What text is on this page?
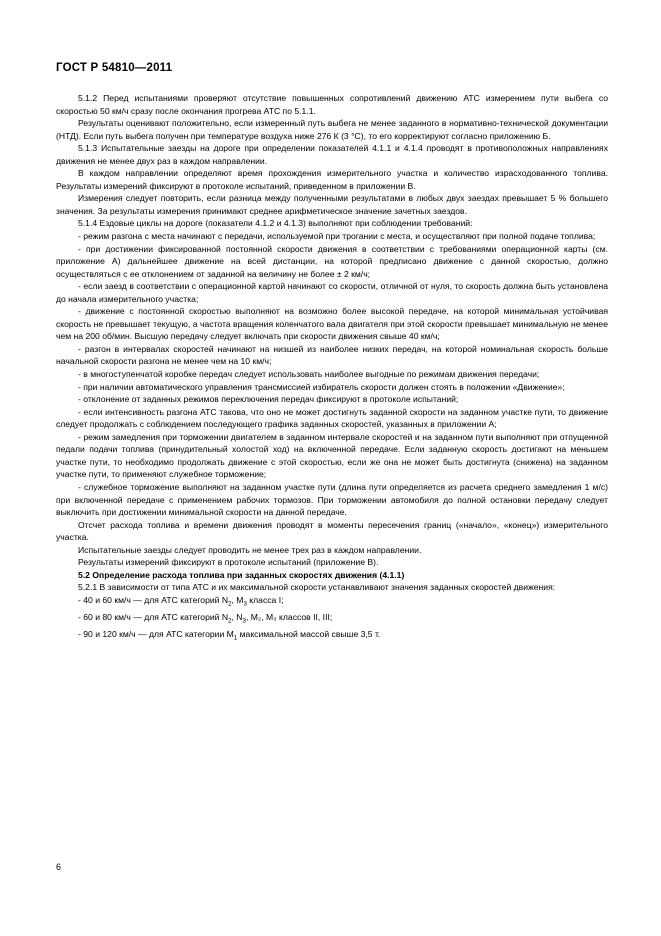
ГОСТ Р 54810—2011

5.1.2 Перед испытаниями проверяют отсутствие повышенных сопротивлений движению АТС измерением пути выбега со скоростью 50 км/ч сразу после окончания прогрева АТС по 5.1.1.

Результаты оценивают положительно, если измеренный путь выбега не менее заданного в нормативно-технической документации (НТД). Если путь выбега получен при температуре воздуха ниже 276 К (3 °С), то его корректируют согласно приложению Б.

5.1.3 Испытательные заезды на дороге при определении показателей 4.1.1 и 4.1.4 проводят в противоположных направлениях движения не менее двух раз в каждом направлении.

В каждом направлении определяют время прохождения измерительного участка и количество израсходованного топлива. Результаты измерений фиксируют в протоколе испытаний, приведенном в приложении В.

Измерения следует повторить, если разница между полученными результатами в любых двух заездах превышает 5 % большего значения. За результаты измерения принимают среднее арифметическое значение зачетных заездов.

5.1.4 Ездовые циклы на дороге (показатели 4.1.2 и 4.1.3) выполняют при соблюдении требований:

- режим разгона с места начинают с передачи, используемой при трогании с места, и осуществляют при полной подаче топлива;

- при достижении фиксированной постоянной скорости движения в соответствии с требованиями операционной карты (см. приложение А) дальнейшее движение на всей дистанции, на которой предписано движение с данной скоростью, должно осуществляться с ее отклонением от заданной на величину не более ± 2 км/ч;

- если заезд в соответствии с операционной картой начинают со скорости, отличной от нуля, то скорость должна быть установлена до начала измерительного участка;

- движение с постоянной скоростью выполняют на возможно более высокой передаче, на которой минимальная устойчивая скорость не превышает текущую, а частота вращения коленчатого вала двигателя при этой скорости превышает минимальную не менее чем на 200 об/мин. Высшую передачу следует включать при скорости движения свыше 40 км/ч;

- разгон в интервалах скоростей начинают на низшей из наиболее низких передач, на которой номинальная скорость больше начальной скорости разгона не менее чем на 10 км/ч;

- в многоступенчатой коробке передач следует использовать наиболее выгодные по режимам движения передачи;

- при наличии автоматического управления трансмиссией избиратель скорости должен стоять в положении «Движение»;

- отклонение от заданных режимов переключения передач фиксируют в протоколе испытаний;

- если интенсивность разгона АТС такова, что оно не может достигнуть заданной скорости на заданном участке пути, то движение следует продолжать с соблюдением последующего графика заданных скоростей, указанных в приложении А;

- режим замедления при торможении двигателем в заданном интервале скоростей и на заданном пути выполняют при отпущенной педали подачи топлива (принудительный холостой ход) на включенной передаче. Если заданную скорость достигают на меньшем участке пути, то необходимо продолжать движение с этой скоростью, если же она не может быть достигнута (снижена) на заданном участке пути, то применяют служебное торможение;

- служебное торможение выполняют на заданном участке пути (длина пути определяется из расчета среднего замедления 1 м/с) при включенной передаче с применением рабочих тормозов. При торможении автомобиля до полной остановки передачу следует выключить при достижении минимальной скорости на данной передаче.

Отсчет расхода топлива и времени движения проводят в моменты пересечения границ («начало», «конец») измерительного участка.

Испытательные заезды следует проводить не менее трех раз в каждом направлении.

Результаты измерений фиксируют в протоколе испытаний (приложение В).

5.2 Определение расхода топлива при заданных скоростях движения (4.1.1)

5.2.1 В зависимости от типа АТС и их максимальной скорости устанавливают значения заданных скоростей движения:

- 40 и 60 км/ч — для АТС категорий $N_2$, $M_3$ класса I;

- 60 и 80 км/ч — для АТС категорий $N_2$, $N_3$, M₂, M₃ классов II, III;

- 90 и 120 км/ч — для АТС категории $M_1$ максимальной массой свыше 3,5 т.

6
